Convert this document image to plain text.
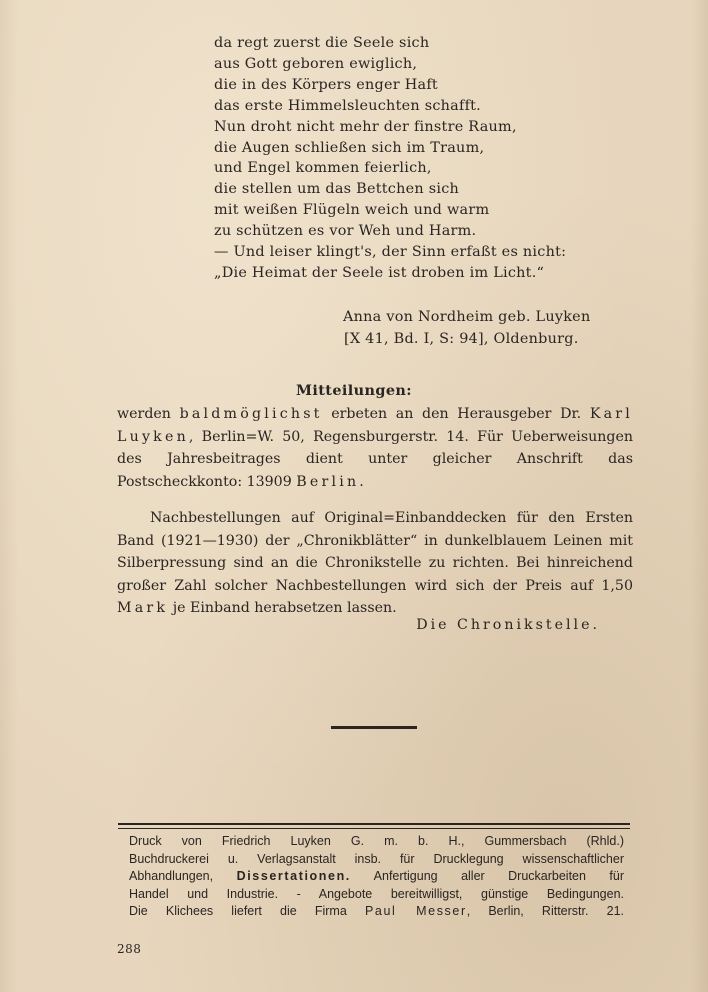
da regt zuerst die Seele sich
aus Gott geboren ewiglich,
die in des Körpers enger Haft
das erste Himmelsleuchten schafft.
Nun droht nicht mehr der finstre Raum,
die Augen schließen sich im Traum,
und Engel kommen feierlich,
die stellen um das Bettchen sich
mit weißen Flügeln weich und warm
zu schützen es vor Weh und Harm.
— Und leiser klingt's, der Sinn erfaßt es nicht:
„Die Heimat der Seele ist droben im Licht.“
Anna von Nordheim geb. Luyken
[X 41, Bd. I, S: 94], Oldenburg.
Mitteilungen:
werden baldmöglichst erbeten an den Herausgeber Dr. Karl Luyken, Berlin=W. 50, Regensburgerstr. 14. Für Ueberweisungen des Jahresbeitrages dient unter gleicher Anschrift das Postscheckkonto: 13909 Berlin.
Nachbestellungen auf Original=Einbanddecken für den Ersten Band (1921—1930) der „Chronikblätter“ in dunkelblauem Leinen mit Silberpressung sind an die Chronikstelle zu richten. Bei hinreichend großer Zahl solcher Nachbestellungen wird sich der Preis auf 1,50 Mark je Einband herabsetzen lassen.
Die Chronikstelle.
Druck von Friedrich Luyken G. m. b. H., Gummersbach (Rhld.)
Buchdruckerei u. Verlagsanstalt insb. für Drucklegung wissenschaftlicher
Abhandlungen, Dissertationen. Anfertigung aller Druckarbeiten für
Handel und Industrie. - Angebote bereitwilligst, günstige Bedingungen.
Die Klichees liefert die Firma Paul Messer, Berlin, Ritterstr. 21.
288
